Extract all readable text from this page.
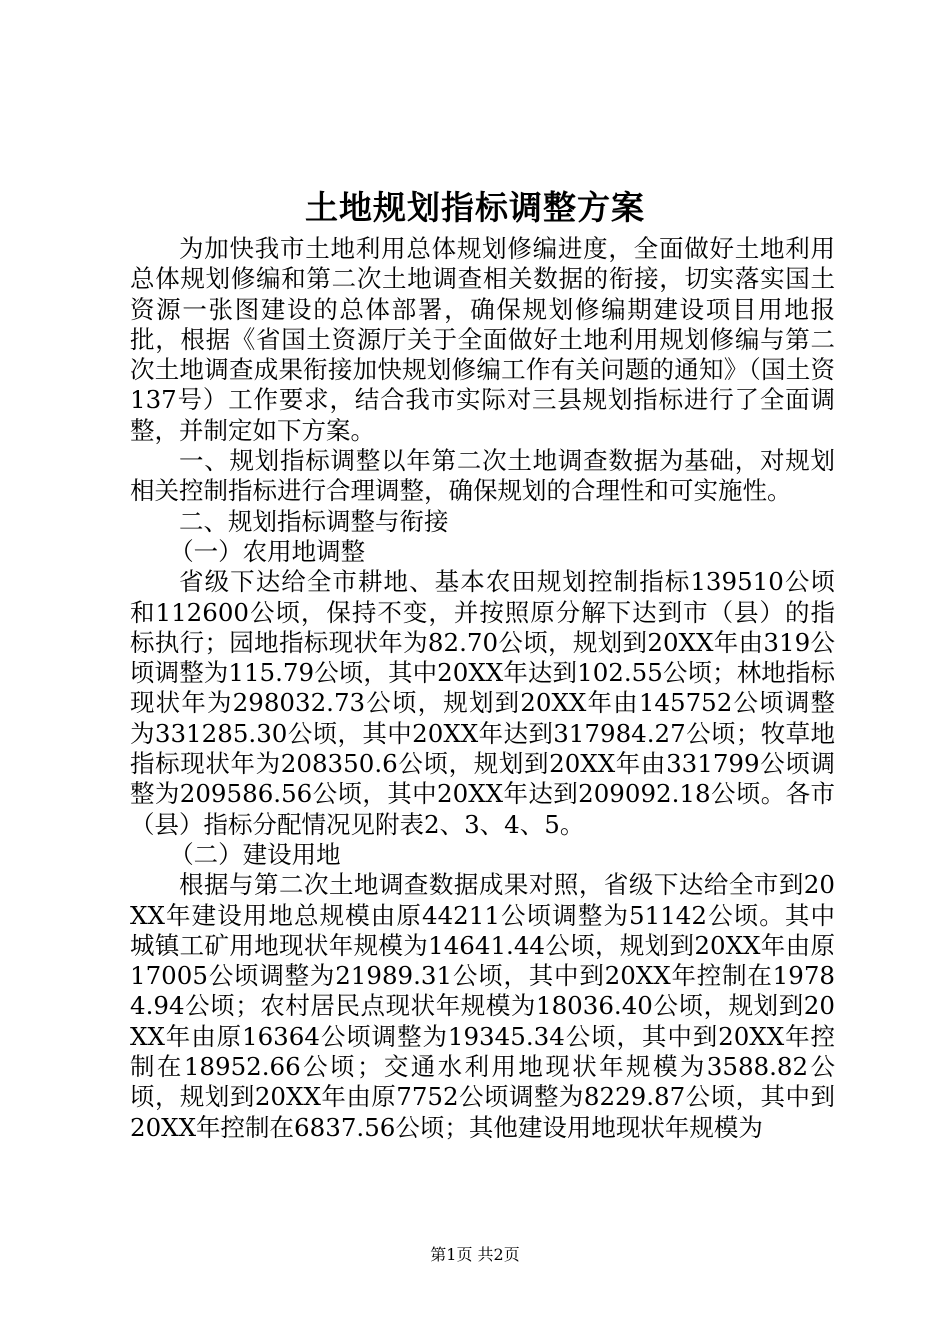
土地规划指标调整方案

为加快我市土地利用总体规划修编进度，全面做好土地利用总体规划修编和第二次土地调查相关数据的衔接，切实落实国土资源一张图建设的总体部署，确保规划修编期建设项目用地报批，根据《省国土资源厅关于全面做好土地利用规划修编与第二次土地调查成果衔接加快规划修编工作有关问题的通知》（国土资137号）工作要求，结合我市实际对三县规划指标进行了全面调整，并制定如下方案。

一、规划指标调整以年第二次土地调查数据为基础，对规划相关控制指标进行合理调整，确保规划的合理性和可实施性。

二、规划指标调整与衔接

（一）农用地调整

省级下达给全市耕地、基本农田规划控制指标139510公顷和112600公顷，保持不变，并按照原分解下达到市（县）的指标执行；园地指标现状年为82.70公顷，规划到20XX年由319公顷调整为115.79公顷，其中20XX年达到102.55公顷；林地指标现状年为298032.73公顷，规划到20XX年由145752公顷调整为331285.30公顷，其中20XX年达到317984.27公顷；牧草地指标现状年为208350.6公顷，规划到20XX年由331799公顷调整为209586.56公顷，其中20XX年达到209092.18公顷。各市（县）指标分配情况见附表2、3、4、5。

（二）建设用地

根据与第二次土地调查数据成果对照，省级下达给全市到20XX年建设用地总规模由原44211公顷调整为51142公顷。其中城镇工矿用地现状年规模为14641.44公顷，规划到20XX年由原17005公顷调整为21989.31公顷，其中到20XX年控制在19784.94公顷；农村居民点现状年规模为18036.40公顷，规划到20XX年由原16364公顷调整为19345.34公顷，其中到20XX年控制在18952.66公顷；交通水利用地现状年规模为3588.82公顷，规划到20XX年由原7752公顷调整为8229.87公顷，其中到20XX年控制在6837.56公顷；其他建设用地现状年规模为

第1页 共2页
